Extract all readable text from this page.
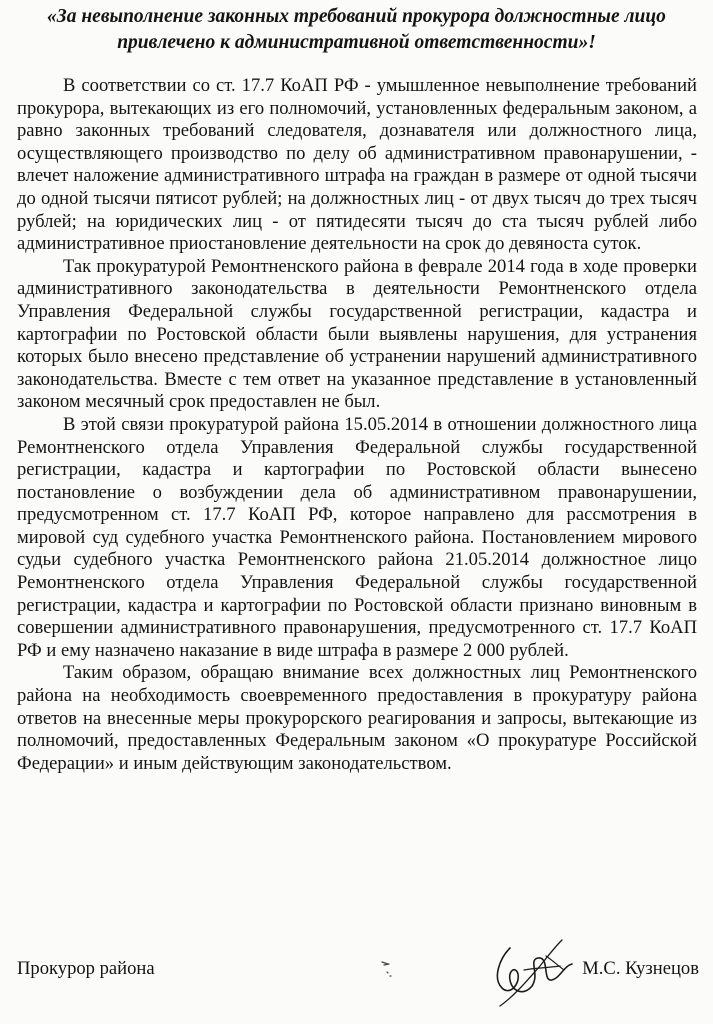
«За невыполнение законных требований прокурора должностные лицо привлечено к административной ответственности»!

В соответствии со ст. 17.7 КоАП РФ - умышленное невыполнение требований прокурора, вытекающих из его полномочий, установленных федеральным законом, а равно законных требований следователя, дознавателя или должностного лица, осуществляющего производство по делу об административном правонарушении, - влечет наложение административного штрафа на граждан в размере от одной тысячи до одной тысячи пятисот рублей; на должностных лиц - от двух тысяч до трех тысяч рублей; на юридических лиц - от пятидесяти тысяч до ста тысяч рублей либо административное приостановление деятельности на срок до девяноста суток.

Так прокуратурой Ремонтненского района в феврале 2014 года в ходе проверки административного законодательства в деятельности Ремонтненского отдела Управления Федеральной службы государственной регистрации, кадастра и картографии по Ростовской области были выявлены нарушения, для устранения которых было внесено представление об устранении нарушений административного законодательства. Вместе с тем ответ на указанное представление в установленный законом месячный срок предоставлен не был.

В этой связи прокуратурой района 15.05.2014 в отношении должностного лица Ремонтненского отдела Управления Федеральной службы государственной регистрации, кадастра и картографии по Ростовской области вынесено постановление о возбуждении дела об административном правонарушении, предусмотренном ст. 17.7 КоАП РФ, которое направлено для рассмотрения в мировой суд судебного участка Ремонтненского района. Постановлением мирового судьи судебного участка Ремонтненского района 21.05.2014 должностное лицо Ремонтненского отдела Управления Федеральной службы государственной регистрации, кадастра и картографии по Ростовской области признано виновным в совершении административного правонарушения, предусмотренного ст. 17.7 КоАП РФ и ему назначено наказание в виде штрафа в размере 2 000 рублей.

Таким образом, обращаю внимание всех должностных лиц Ремонтненского района на необходимость своевременного предоставления в прокуратуру района ответов на внесенные меры прокурорского реагирования и запросы, вытекающие из полномочий, предоставленных Федеральным законом «О прокуратуре Российской Федерации» и иным действующим законодательством.

Прокурор района	М.С. Кузнецов
